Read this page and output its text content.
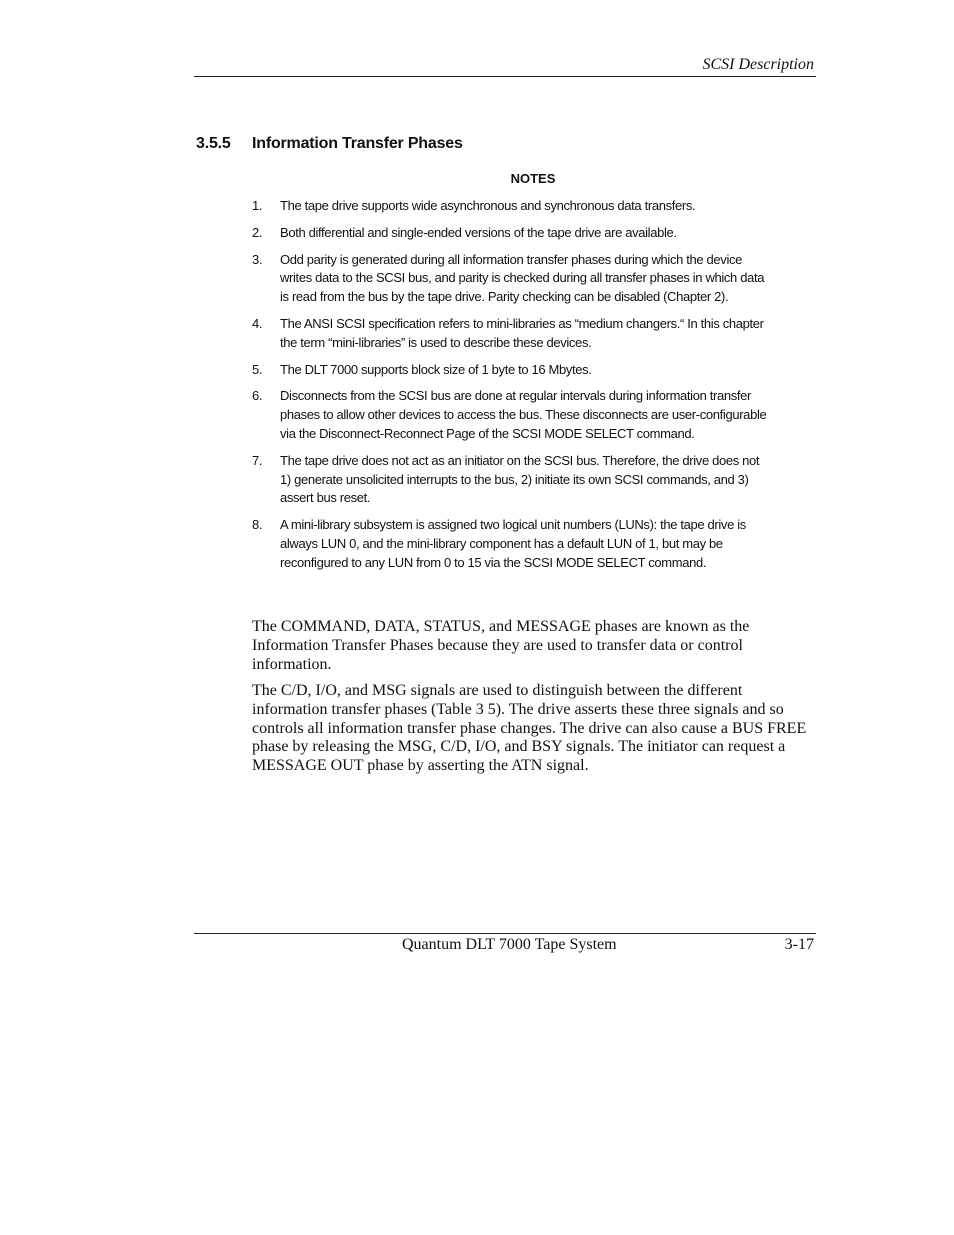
SCSI Description
3.5.5 Information Transfer Phases
NOTES
1.	The tape drive supports wide asynchronous and synchronous data transfers.
2.	Both differential and single-ended versions of the tape drive are available.
3.	Odd parity is generated during all information transfer phases during which the device writes data to the SCSI bus, and parity is checked during all transfer phases in which data is read from the bus by the tape drive. Parity checking can be disabled (Chapter 2).
4.	The ANSI SCSI specification refers to mini-libraries as “medium changers.“ In this chapter the term “mini-libraries” is used to describe these devices.
5.	The DLT 7000 supports block size of 1 byte to 16 Mbytes.
6.	Disconnects from the SCSI bus are done at regular intervals during information transfer phases to allow other devices to access the bus. These disconnects are user-configurable via the Disconnect-Reconnect Page of the SCSI MODE SELECT command.
7.	The tape drive does not act as an initiator on the SCSI bus. Therefore, the drive does not 1) generate unsolicited interrupts to the bus, 2) initiate its own SCSI commands, and 3) assert bus reset.
8.	A mini-library subsystem is assigned two logical unit numbers (LUNs): the tape drive is always LUN 0, and the mini-library component has a default LUN of 1, but may be reconfigured to any LUN from 0 to 15 via the SCSI MODE SELECT command.

The COMMAND, DATA, STATUS, and MESSAGE phases are known as the Information Transfer Phases because they are used to transfer data or control information.

The C/D, I/O, and MSG signals are used to distinguish between the different information transfer phases (Table 3 5). The drive asserts these three signals and so controls all information transfer phase changes. The drive can also cause a BUS FREE phase by releasing the MSG, C/D, I/O, and BSY signals. The initiator can request a MESSAGE OUT phase by asserting the ATN signal.

Quantum DLT 7000 Tape System	3-17
